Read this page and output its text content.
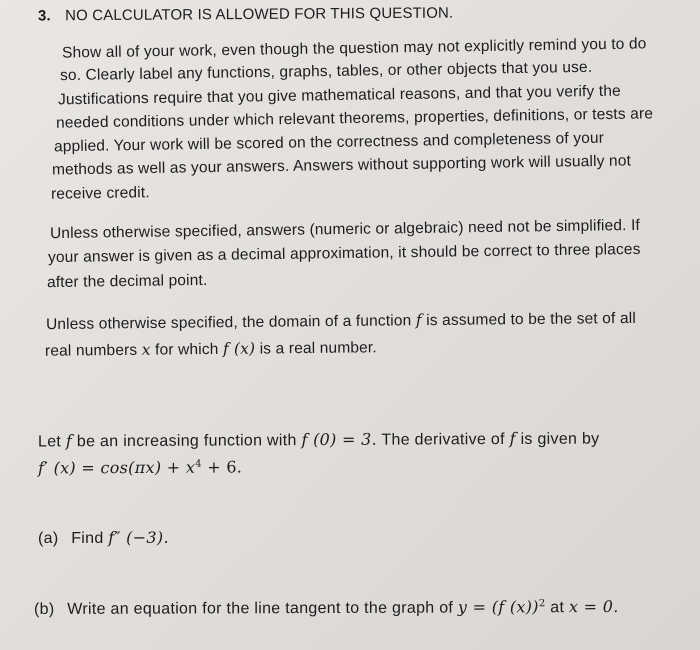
3. NO CALCULATOR IS ALLOWED FOR THIS QUESTION.
Show all of your work, even though the question may not explicitly remind you to do
so. Clearly label any functions, graphs, tables, or other objects that you use.
Justifications require that you give mathematical reasons, and that you verify the
needed conditions under which relevant theorems, properties, definitions, or tests are
applied. Your work will be scored on the correctness and completeness of your
methods as well as your answers. Answers without supporting work will usually not
receive credit.
Unless otherwise specified, answers (numeric or algebraic) need not be simplified. If
your answer is given as a decimal approximation, it should be correct to three places
after the decimal point.
Unless otherwise specified, the domain of a function f is assumed to be the set of all
real numbers x for which f (x) is a real number.
Let f be an increasing function with f (0) = 3. The derivative of f is given by
f′ $(x) = \cos(\pi x) + x^4 + 6$.
(a) Find f″ (−3).
(b) Write an equation for the line tangent to the graph of y = (f (x))$^2$ at x = 0.
